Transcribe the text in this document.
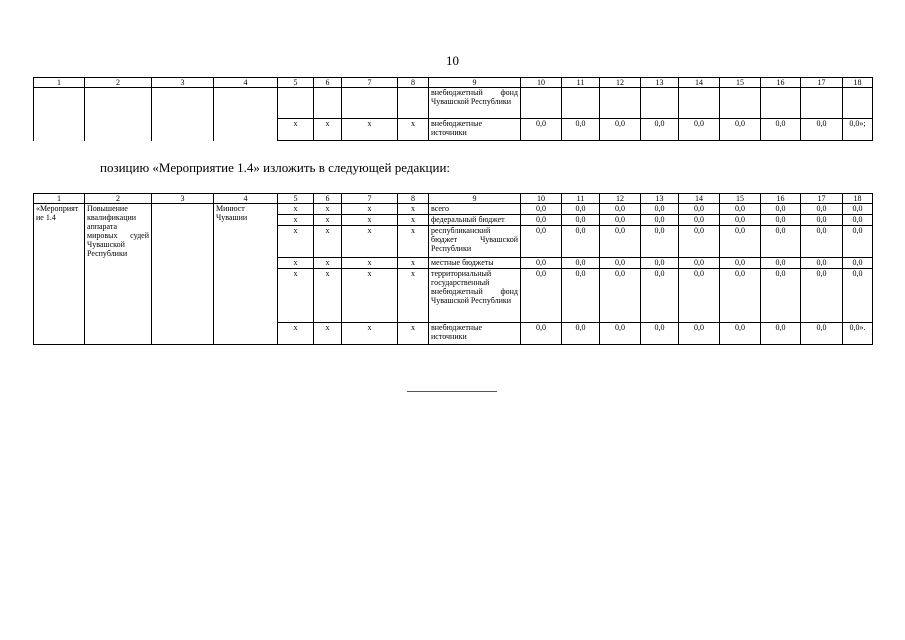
10
1	2	3	4	5	6	7	8	9	10	11	12	13	14	15	16	17	18
								внебюджетный фонд Чувашской Республики									
				х	х	х	х	внебюджетные источники	0,0	0,0	0,0	0,0	0,0	0,0	0,0	0,0	0,0»;
позицию «Мероприятие 1.4» изложить в следующей редакции:
1	2	3	4	5	6	7	8	9	10	11	12	13	14	15	16	17	18
«Мероприятие 1.4	Повышение квалификации аппарата мировых судей Чувашской Республики		Минюст Чувашии	х	х	х	х	всего	0,0	0,0	0,0	0,0	0,0	0,0	0,0	0,0	0,0
				х	х	х	х	федеральный бюджет	0,0	0,0	0,0	0,0	0,0	0,0	0,0	0,0	0,0
				х	х	х	х	республиканский бюджет Чувашской Республики	0,0	0,0	0,0	0,0	0,0	0,0	0,0	0,0	0,0
				х	х	х	х	местные бюджеты	0,0	0,0	0,0	0,0	0,0	0,0	0,0	0,0	0,0
				х	х	х	х	территориальный государственный внебюджетный фонд Чувашской Республики	0,0	0,0	0,0	0,0	0,0	0,0	0,0	0,0	0,0
				х	х	х	х	внебюджетные источники	0,0	0,0	0,0	0,0	0,0	0,0	0,0	0,0	0,0».
